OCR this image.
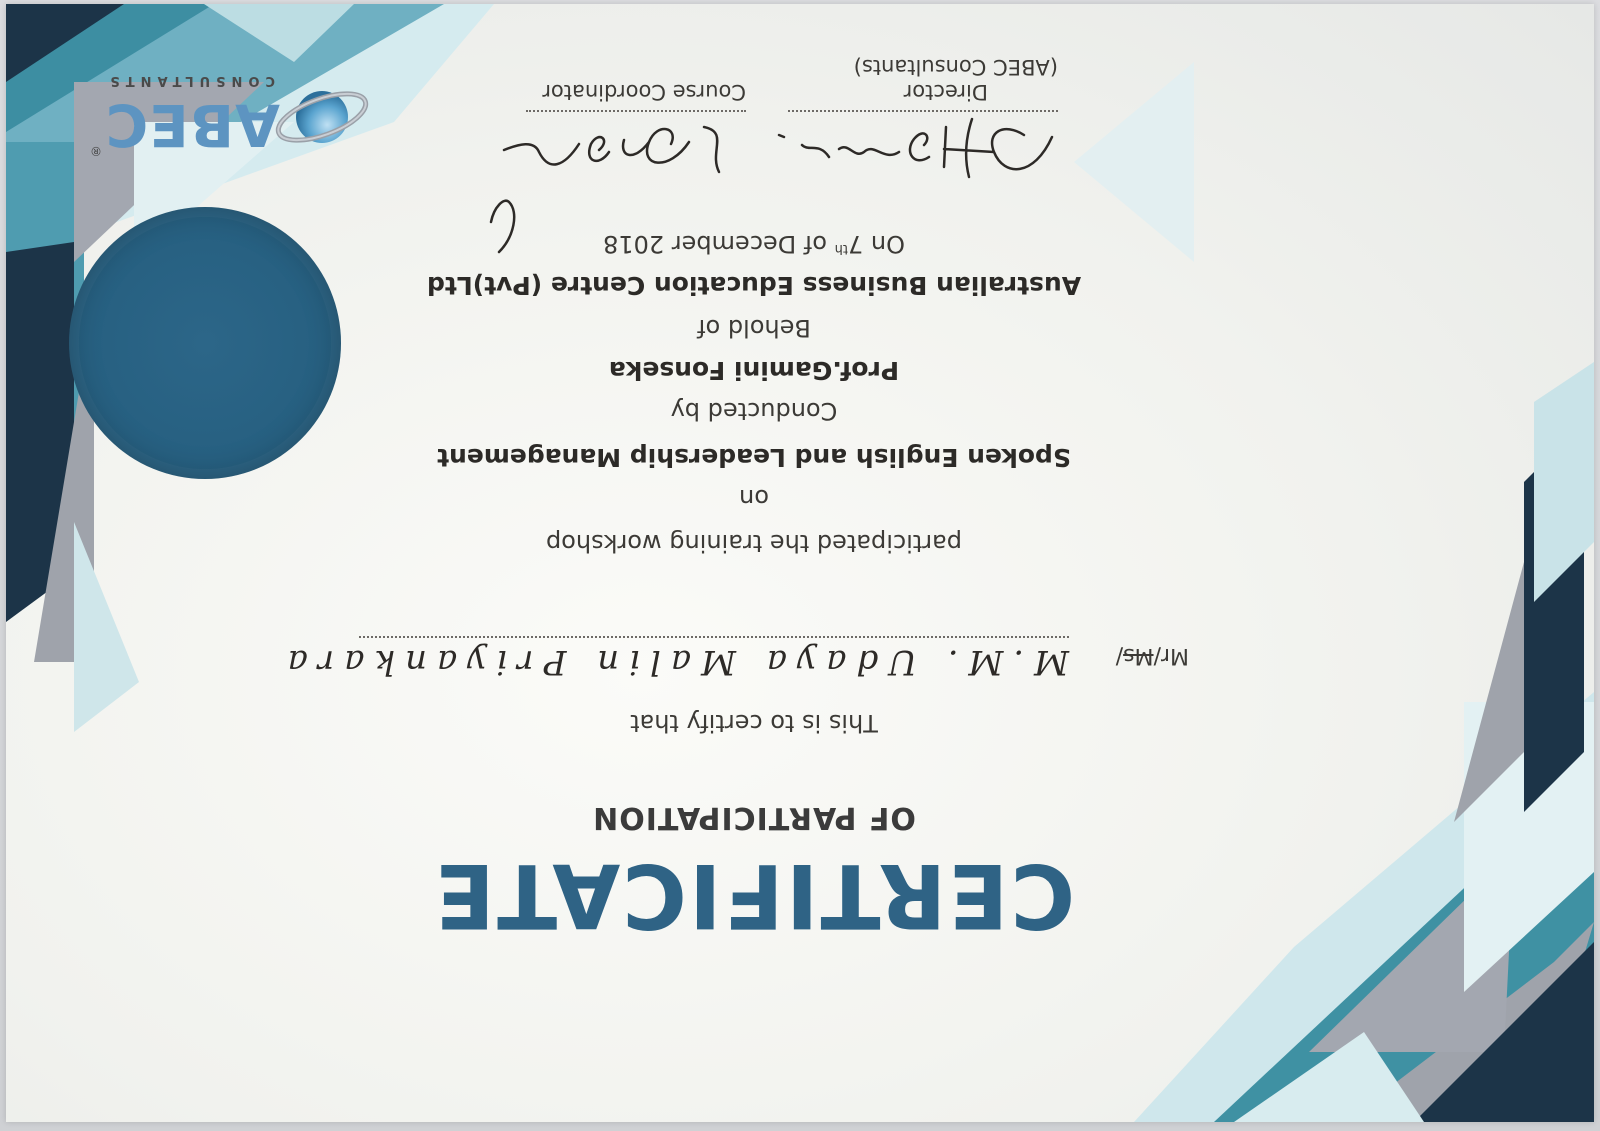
CERTIFICATE
OF PARTICIPATION
This is to certify that
Mr/Ms/
M.M. Udaya Malin Priyankara
participated the training workshop
on
Spoken English and Leadership Management
Conducted by
Prof.Gamini Fonseka
Behold of
Australian Business Education Centre (Pvt)Ltd
On 7th of December 2018
Director
(ABEC Consultants)
Course Coordinator
ABEC
CONSULTANTS
®
